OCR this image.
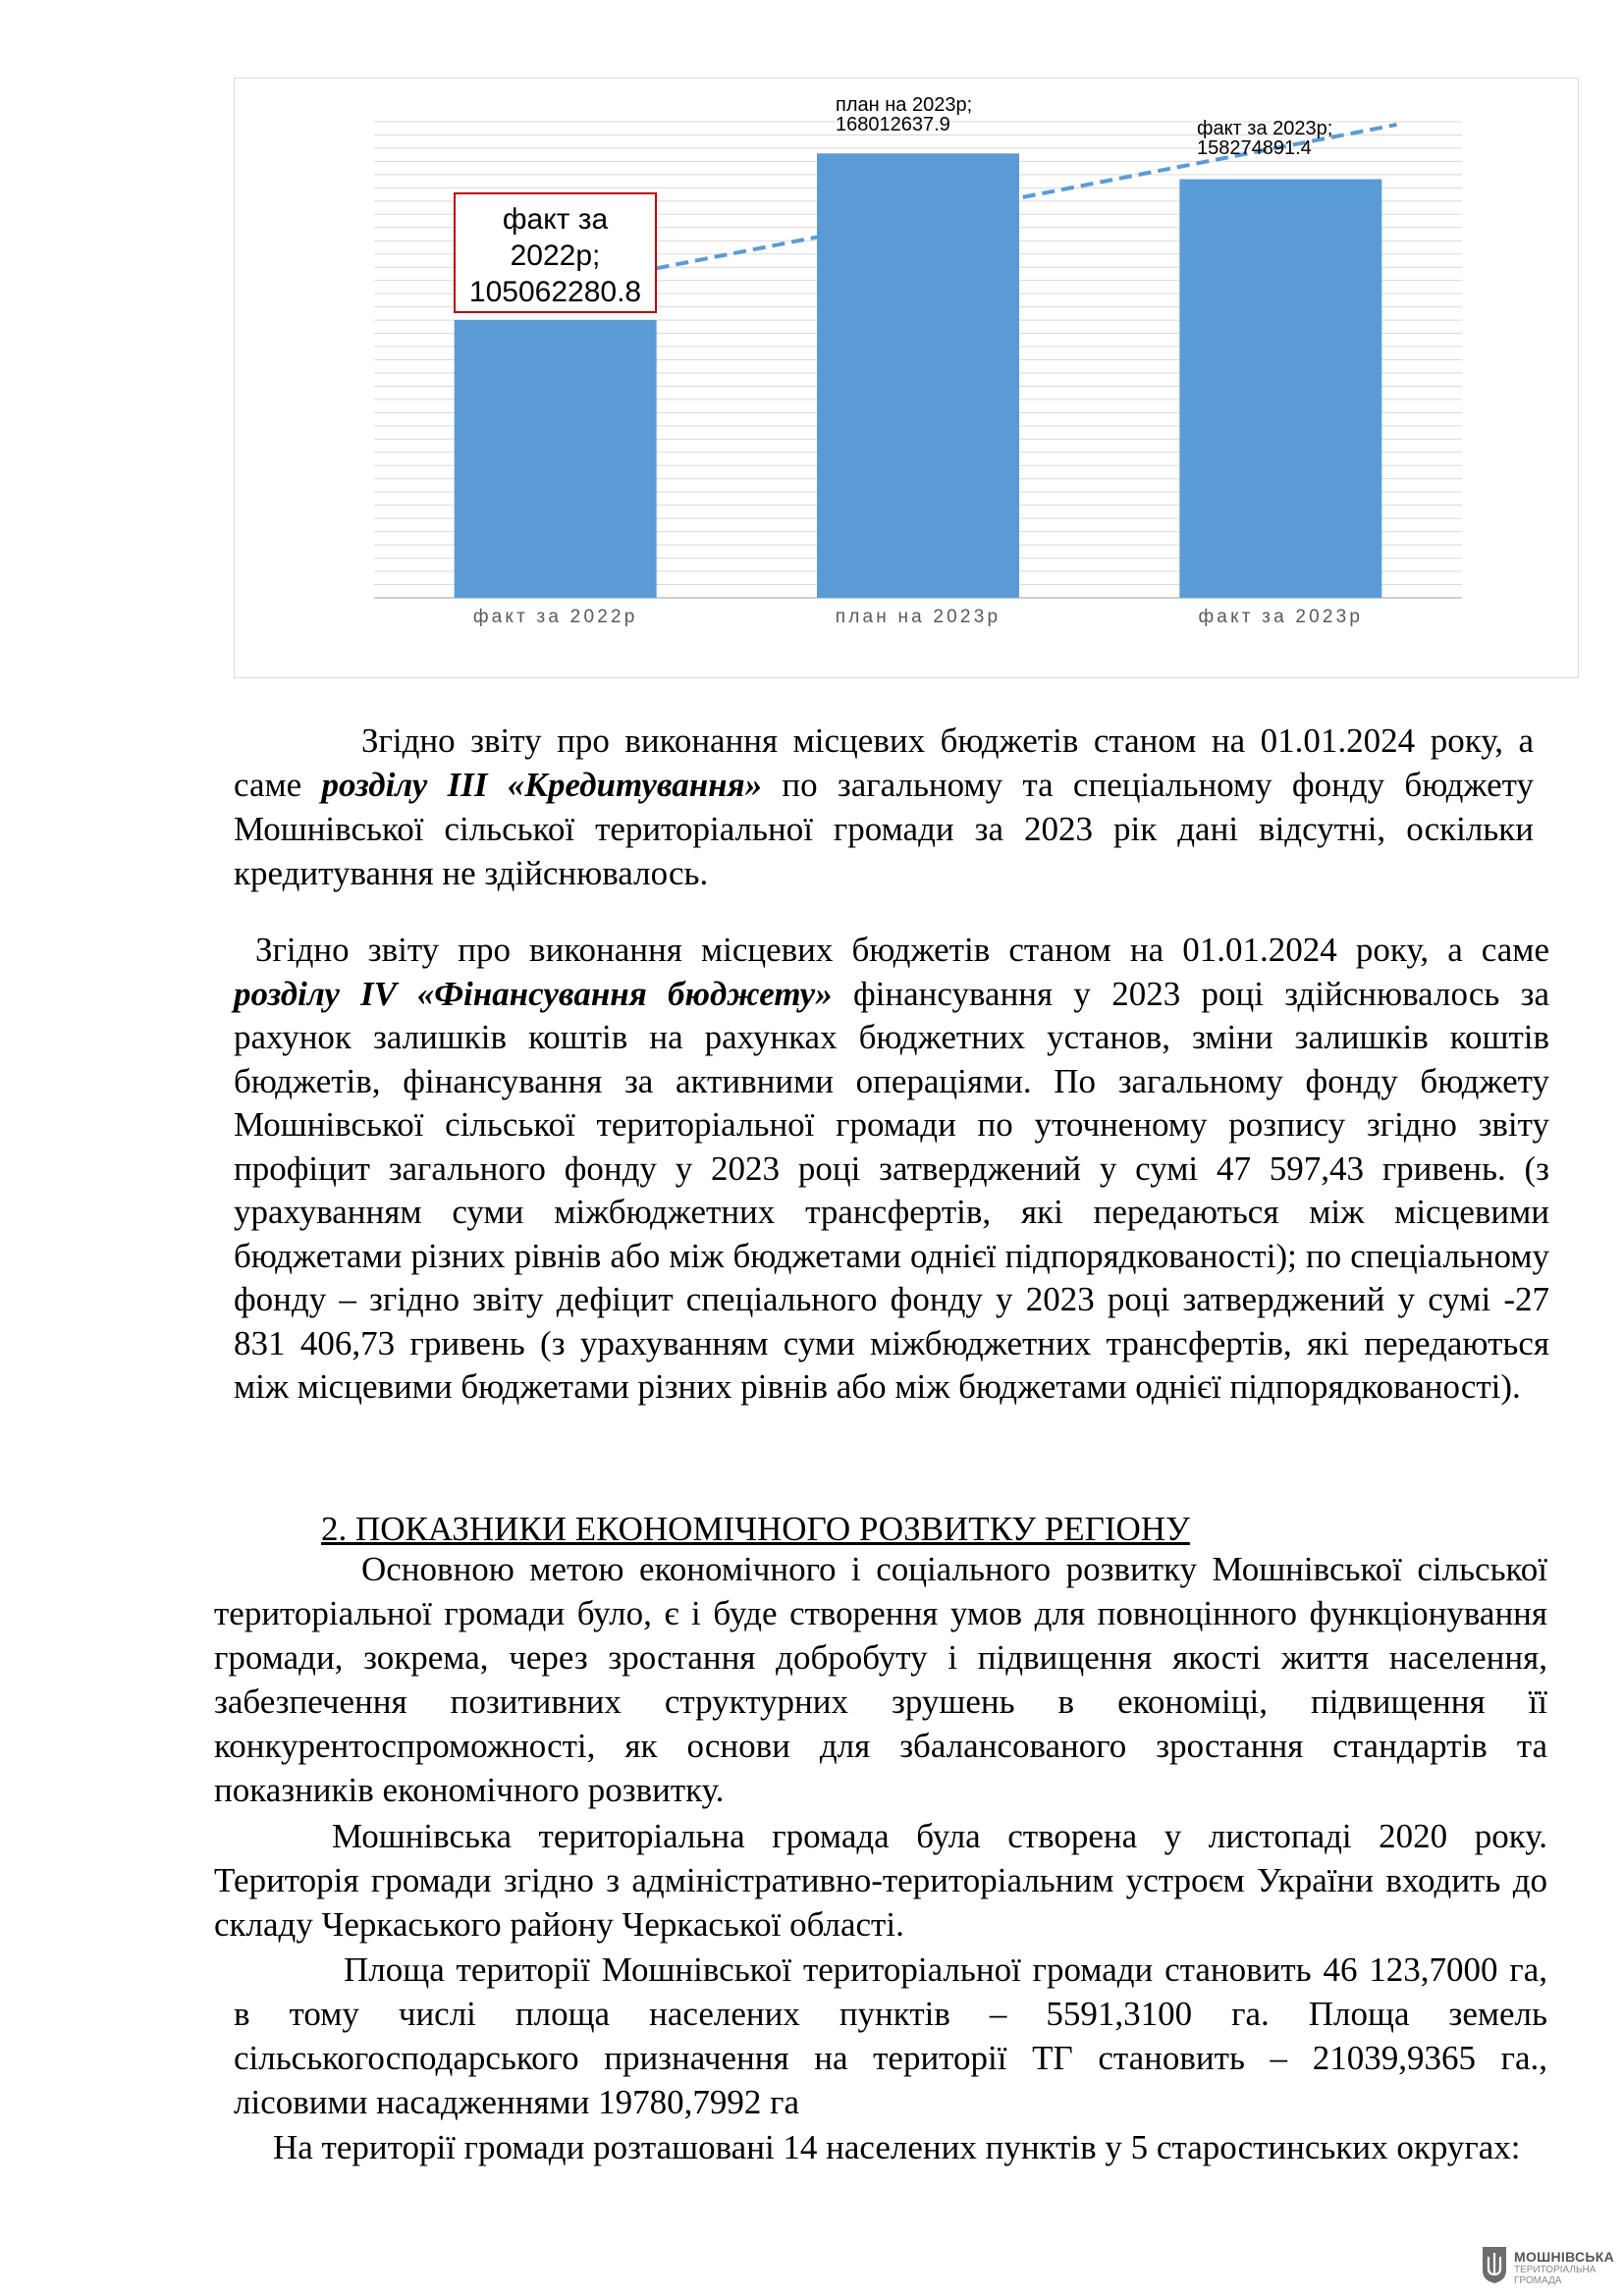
факт за 2022р	план на 2023р	факт за 2023р
факт за
2022р;
105062280.8
план на 2023р;
168012637.9	факт за 2023р;
158274891.4

Згідно звіту про виконання місцевих бюджетів станом на 01.01.2024 року, а саме розділу ІІІ «Кредитування» по загальному та спеціальному фонду бюджету Мошнівської сільської територіальної громади за 2023 рік дані відсутні, оскільки кредитування не здійснювалось.

Згідно звіту про виконання місцевих бюджетів станом на 01.01.2024 року, а саме розділу ІV «Фінансування бюджету» фінансування у 2023 році здійснювалось за рахунок залишків коштів на рахунках бюджетних установ, зміни залишків коштів бюджетів, фінансування за активними операціями. По загальному фонду бюджету Мошнівської сільської територіальної громади по уточненому розпису згідно звіту профіцит загального фонду у 2023 році затверджений у сумі 47 597,43 гривень. (з урахуванням суми міжбюджетних трансфертів, які передаються між місцевими бюджетами різних рівнів або між бюджетами однієї підпорядкованості); по спеціальному фонду – згідно звіту дефіцит спеціального фонду у 2023 році затверджений у сумі -27 831 406,73 гривень (з урахуванням суми міжбюджетних трансфертів, які передаються між місцевими бюджетами різних рівнів або між бюджетами однієї підпорядкованості).

2. ПОКАЗНИКИ ЕКОНОМІЧНОГО РОЗВИТКУ РЕГІОНУ

Основною метою економічного і соціального розвитку Мошнівської сільської територіальної громади було, є і буде створення умов для повноцінного функціонування громади, зокрема, через зростання добробуту і підвищення якості життя населення, забезпечення позитивних структурних зрушень в економіці, підвищення її конкурентоспроможності, як основи для збалансованого зростання стандартів та показників економічного розвитку.

Мошнівська територіальна громада була створена у листопаді 2020 року. Територія громади згідно з адміністративно-територіальним устроєм України входить до складу Черкаського району Черкаської області.

Площа території Мошнівської територіальної громади становить 46 123,7000 га, в тому числі площа населених пунктів – 5591,3100 га. Площа земель сільськогосподарського призначення на території ТГ становить – 21039,9365 га., лісовими насадженнями 19780,7992 га

На території громади розташовані 14 населених пунктів у 5 старостинських округах:

МОШНІВСЬКА
ТЕРИТОРІАЛЬНА
ГРОМАДА
